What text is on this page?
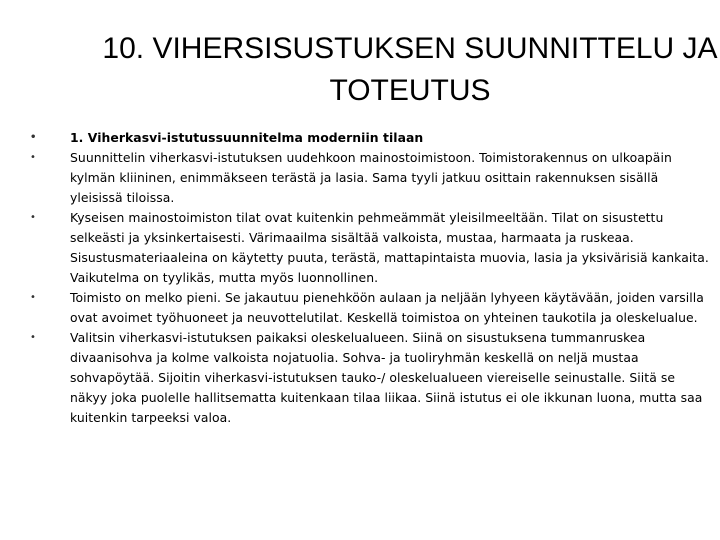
10. VIHERSISUSTUKSEN SUUNNITTELU JA TOTEUTUS
•	1. Viherkasvi-istutussuunnitelma moderniin tilaan
•	Suunnittelin viherkasvi-istutuksen uudehkoon mainostoimistoon. Toimistorakennus on ulkoapäin kylmän kliininen, enimmäkseen terästä ja lasia. Sama tyyli jatkuu osittain rakennuksen sisällä yleisissä tiloissa.
•	Kyseisen mainostoimiston tilat ovat kuitenkin pehmeämmät yleisilmeeltään. Tilat on sisustettu selkeästi ja yksinkertaisesti. Värimaailma sisältää valkoista, mustaa, harmaata ja ruskeaa. Sisustusmateriaaleina on käytetty puuta, terästä, mattapintaista muovia, lasia ja yksivärisiä kankaita. Vaikutelma on tyylikäs, mutta myös luonnollinen.
•	Toimisto on melko pieni. Se jakautuu pienehköön aulaan ja neljään lyhyeen käytävään, joiden varsilla ovat avoimet työhuoneet ja neuvottelutilat. Keskellä toimistoa on yhteinen taukotila ja oleskelualue.
•	Valitsin viherkasvi-istutuksen paikaksi oleskelualueen. Siinä on sisustuksena tummanruskea divaanisohva ja kolme valkoista nojatuolia. Sohva- ja tuoliryhmän keskellä on neljä mustaa sohvapöytää. Sijoitin viherkasvi-istutuksen tauko-/ oleskelualueen viereiselle seinustalle. Siitä se näkyy joka puolelle hallitsematta kuitenkaan tilaa liikaa. Siinä istutus ei ole ikkunan luona, mutta saa kuitenkin tarpeeksi valoa.
